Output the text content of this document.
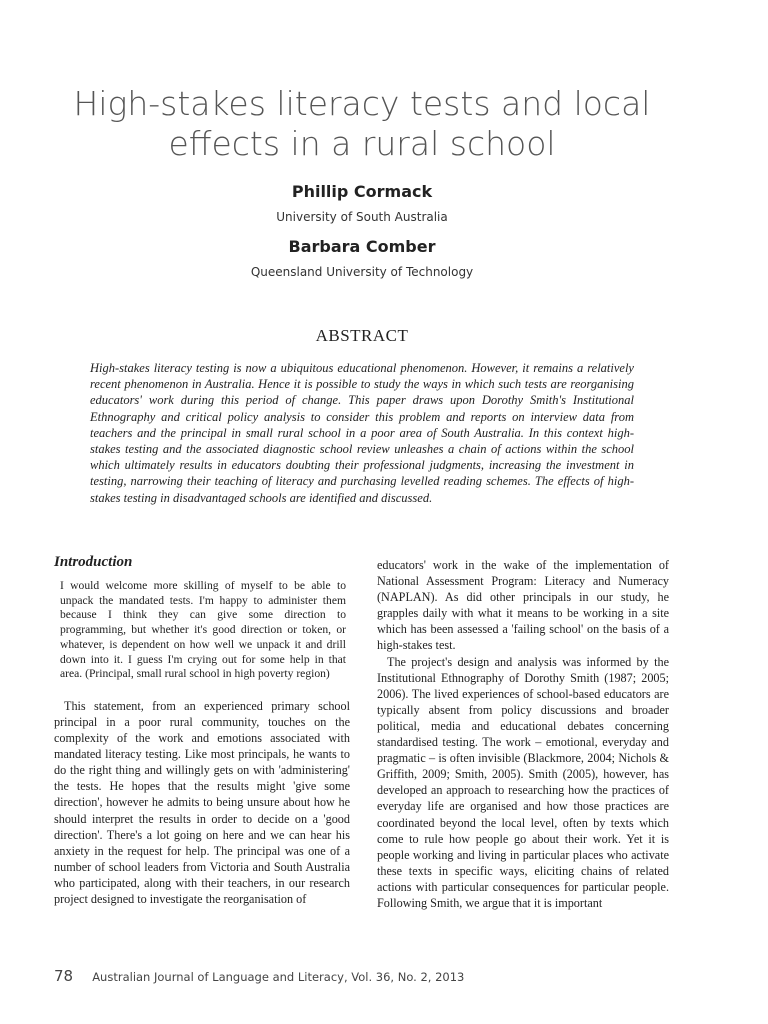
High-stakes literacy tests and local effects in a rural school
Phillip Cormack
University of South Australia
Barbara Comber
Queensland University of Technology
ABSTRACT
High-stakes literacy testing is now a ubiquitous educational phenomenon. However, it remains a relatively recent phenomenon in Australia. Hence it is possible to study the ways in which such tests are reorganising educators' work during this period of change. This paper draws upon Dorothy Smith's Institutional Ethnography and critical policy analysis to consider this problem and reports on interview data from teachers and the principal in small rural school in a poor area of South Australia. In this context high-stakes testing and the associated diagnostic school review unleashes a chain of actions within the school which ultimately results in educators doubting their professional judgments, increasing the investment in testing, narrowing their teaching of literacy and purchasing levelled reading schemes. The effects of high-stakes testing in disadvantaged schools are identified and discussed.
Introduction
I would welcome more skilling of myself to be able to unpack the mandated tests. I'm happy to administer them because I think they can give some direction to programming, but whether it's good direction or token, or whatever, is dependent on how well we unpack it and drill down into it. I guess I'm crying out for some help in that area. (Principal, small rural school in high poverty region)

This statement, from an experienced primary school principal in a poor rural community, touches on the complexity of the work and emotions associated with mandated literacy testing. Like most principals, he wants to do the right thing and willingly gets on with 'administering' the tests. He hopes that the results might 'give some direction', however he admits to being unsure about how he should interpret the results in order to decide on a 'good direction'. There's a lot going on here and we can hear his anxiety in the request for help. The principal was one of a number of school leaders from Victoria and South Australia who participated, along with their teachers, in our research project designed to investigate the reorganisation of

educators' work in the wake of the implementation of National Assessment Program: Literacy and Numeracy (NAPLAN). As did other principals in our study, he grapples daily with what it means to be working in a site which has been assessed a 'failing school' on the basis of a high-stakes test.

The project's design and analysis was informed by the Institutional Ethnography of Dorothy Smith (1987; 2005; 2006). The lived experiences of school-based educators are typically absent from policy discussions and broader political, media and educational debates concerning standardised testing. The work – emotional, everyday and pragmatic – is often invisible (Blackmore, 2004; Nichols & Griffith, 2009; Smith, 2005). Smith (2005), however, has developed an approach to researching how the practices of everyday life are organised and how those practices are coordinated beyond the local level, often by texts which come to rule how people go about their work. Yet it is people working and living in particular places who activate these texts in specific ways, eliciting chains of related actions with particular consequences for particular people. Following Smith, we argue that it is important

78 Australian Journal of Language and Literacy, Vol. 36, No. 2, 2013
